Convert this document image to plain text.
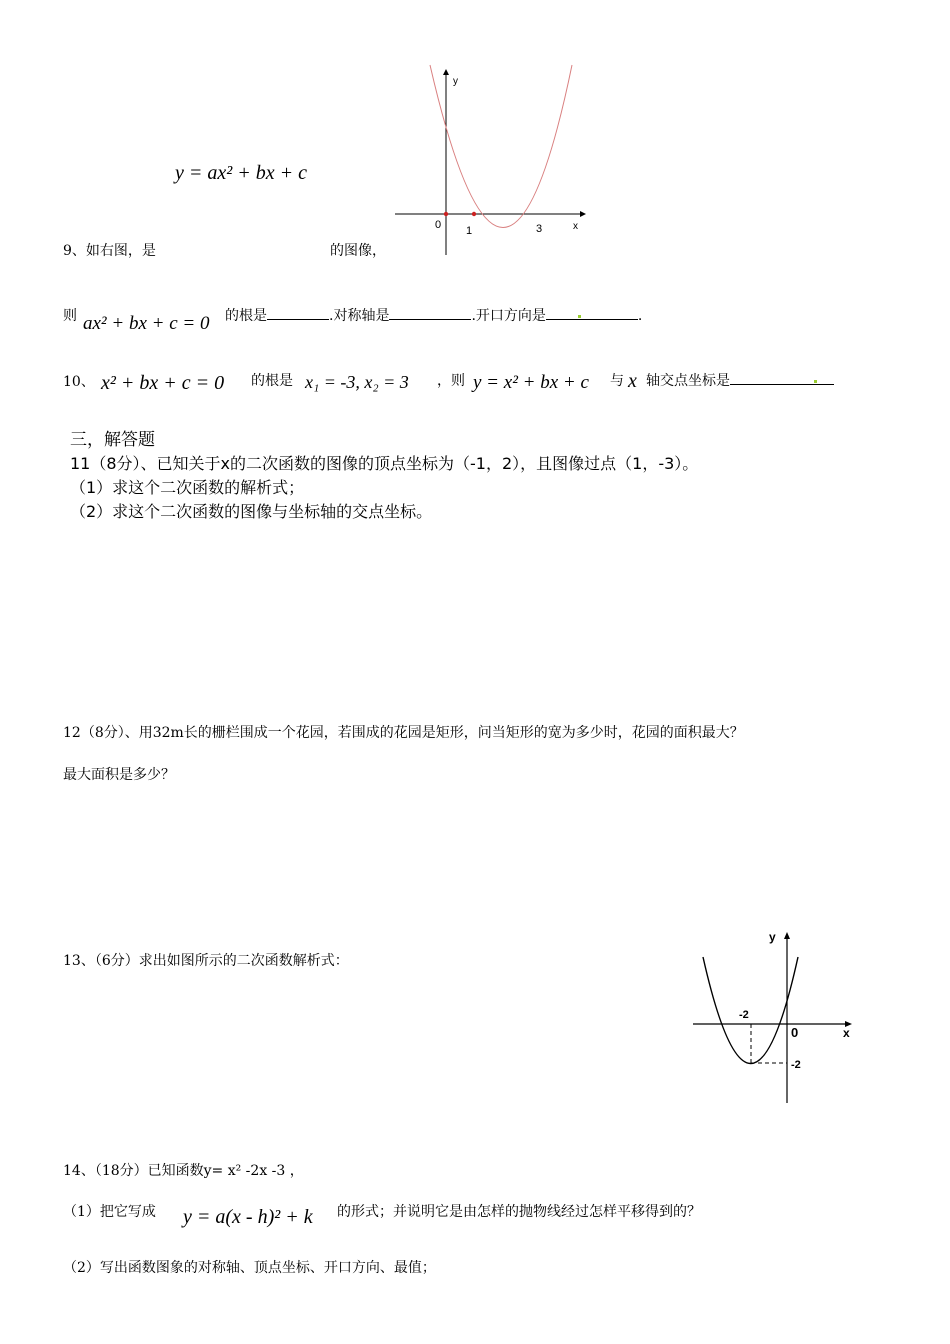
y = ax² + bx + c
y
x
0 1	3
9、如右图，是	的图像，
则 ax² + bx + c = 0 的根是	.对称轴是	.开口方向是	.
10、 x² + bx + c = 0 的根是 x₁ = -3, x₂ = 3 ，则 y = x² + bx + c 与 x 轴交点坐标是
三，解答题
11（8分）、已知关于x的二次函数的图像的顶点坐标为（-1，2），且图像过点（1，-3）。
（1）求这个二次函数的解析式；
（2）求这个二次函数的图像与坐标轴的交点坐标。
12（8分）、用32m长的栅栏围成一个花园，若围成的花园是矩形，问当矩形的宽为多少时，花园的面积最大？
最大面积是多少？
13、（6分）求出如图所示的二次函数解析式：
y
x
0
-2
-2
14、（18分）已知函数y= x² -2x -3 ，
（1）把它写成 y = a(x - h)² + k 的形式；并说明它是由怎样的抛物线经过怎样平移得到的？
（2）写出函数图象的对称轴、顶点坐标、开口方向、最值；
